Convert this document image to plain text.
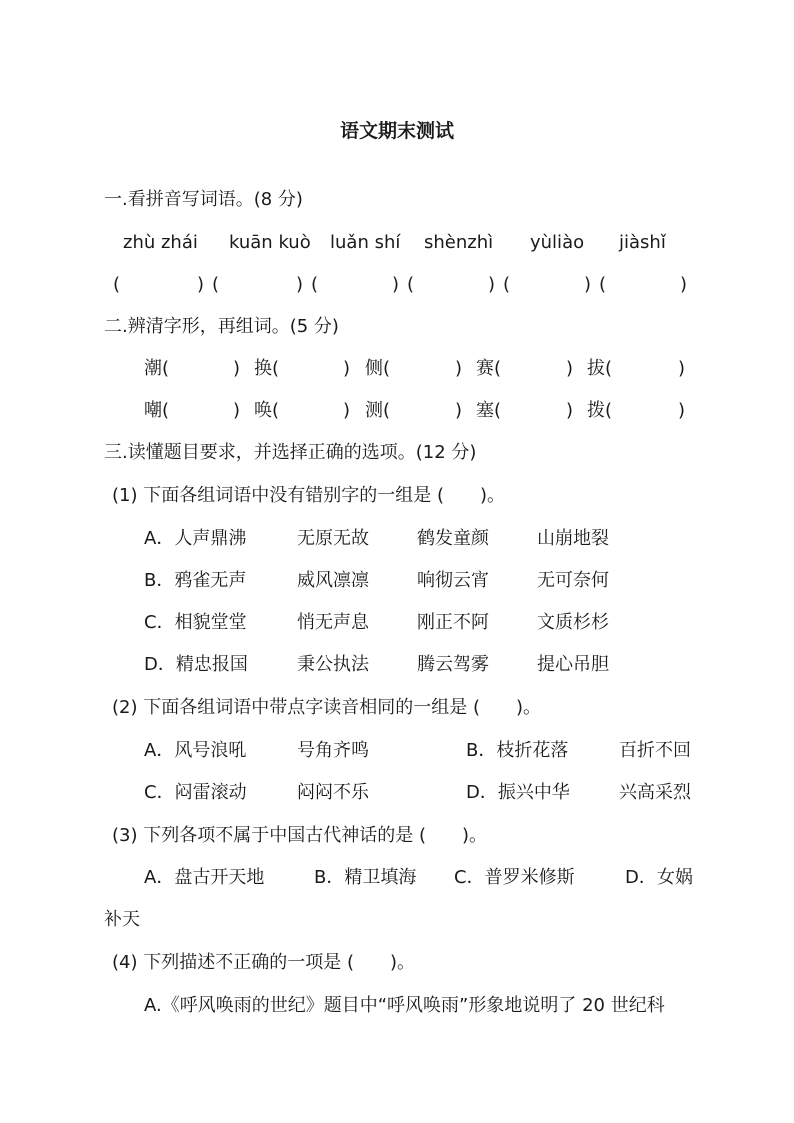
语文期末测试
一.看拼音写词语。(8 分)
zhù zhái kuān kuò luǎn shí shènzhì yùliào jiàshǐ
(	) (	) (	) (	) (	) (	)
二.辨清字形，再组词。(5 分)
潮(	) 换(	) 侧(	) 赛(	) 拔(	)
嘲(	) 唤(	) 测(	) 塞(	) 拨(	)
三.读懂题目要求，并选择正确的选项。(12 分)
(1) 下面各组词语中没有错别字的一组是 (　　)。
A．人声鼎沸	无原无故	鹤发童颜	山崩地裂
B．鸦雀无声	威风凛凛	响彻云宵	无可奈何
C．相貌堂堂	悄无声息	刚正不阿	文质杉杉
D．精忠报国	秉公执法	腾云驾雾	提心吊胆
(2) 下面各组词语中带点字读音相同的一组是 (　　)。
A．风号浪吼	号角齐鸣	B．枝折花落	百折不回
C．闷雷滚动	闷闷不乐	D．振兴中华	兴高采烈
(3) 下列各项不属于中国古代神话的是 (　　)。
A．盘古开天地	B．精卫填海 C．普罗米修斯	D．女娲
补天
(4) 下列描述不正确的一项是 (　　)。
A.《呼风唤雨的世纪》题目中“呼风唤雨”形象地说明了 20 世纪科
